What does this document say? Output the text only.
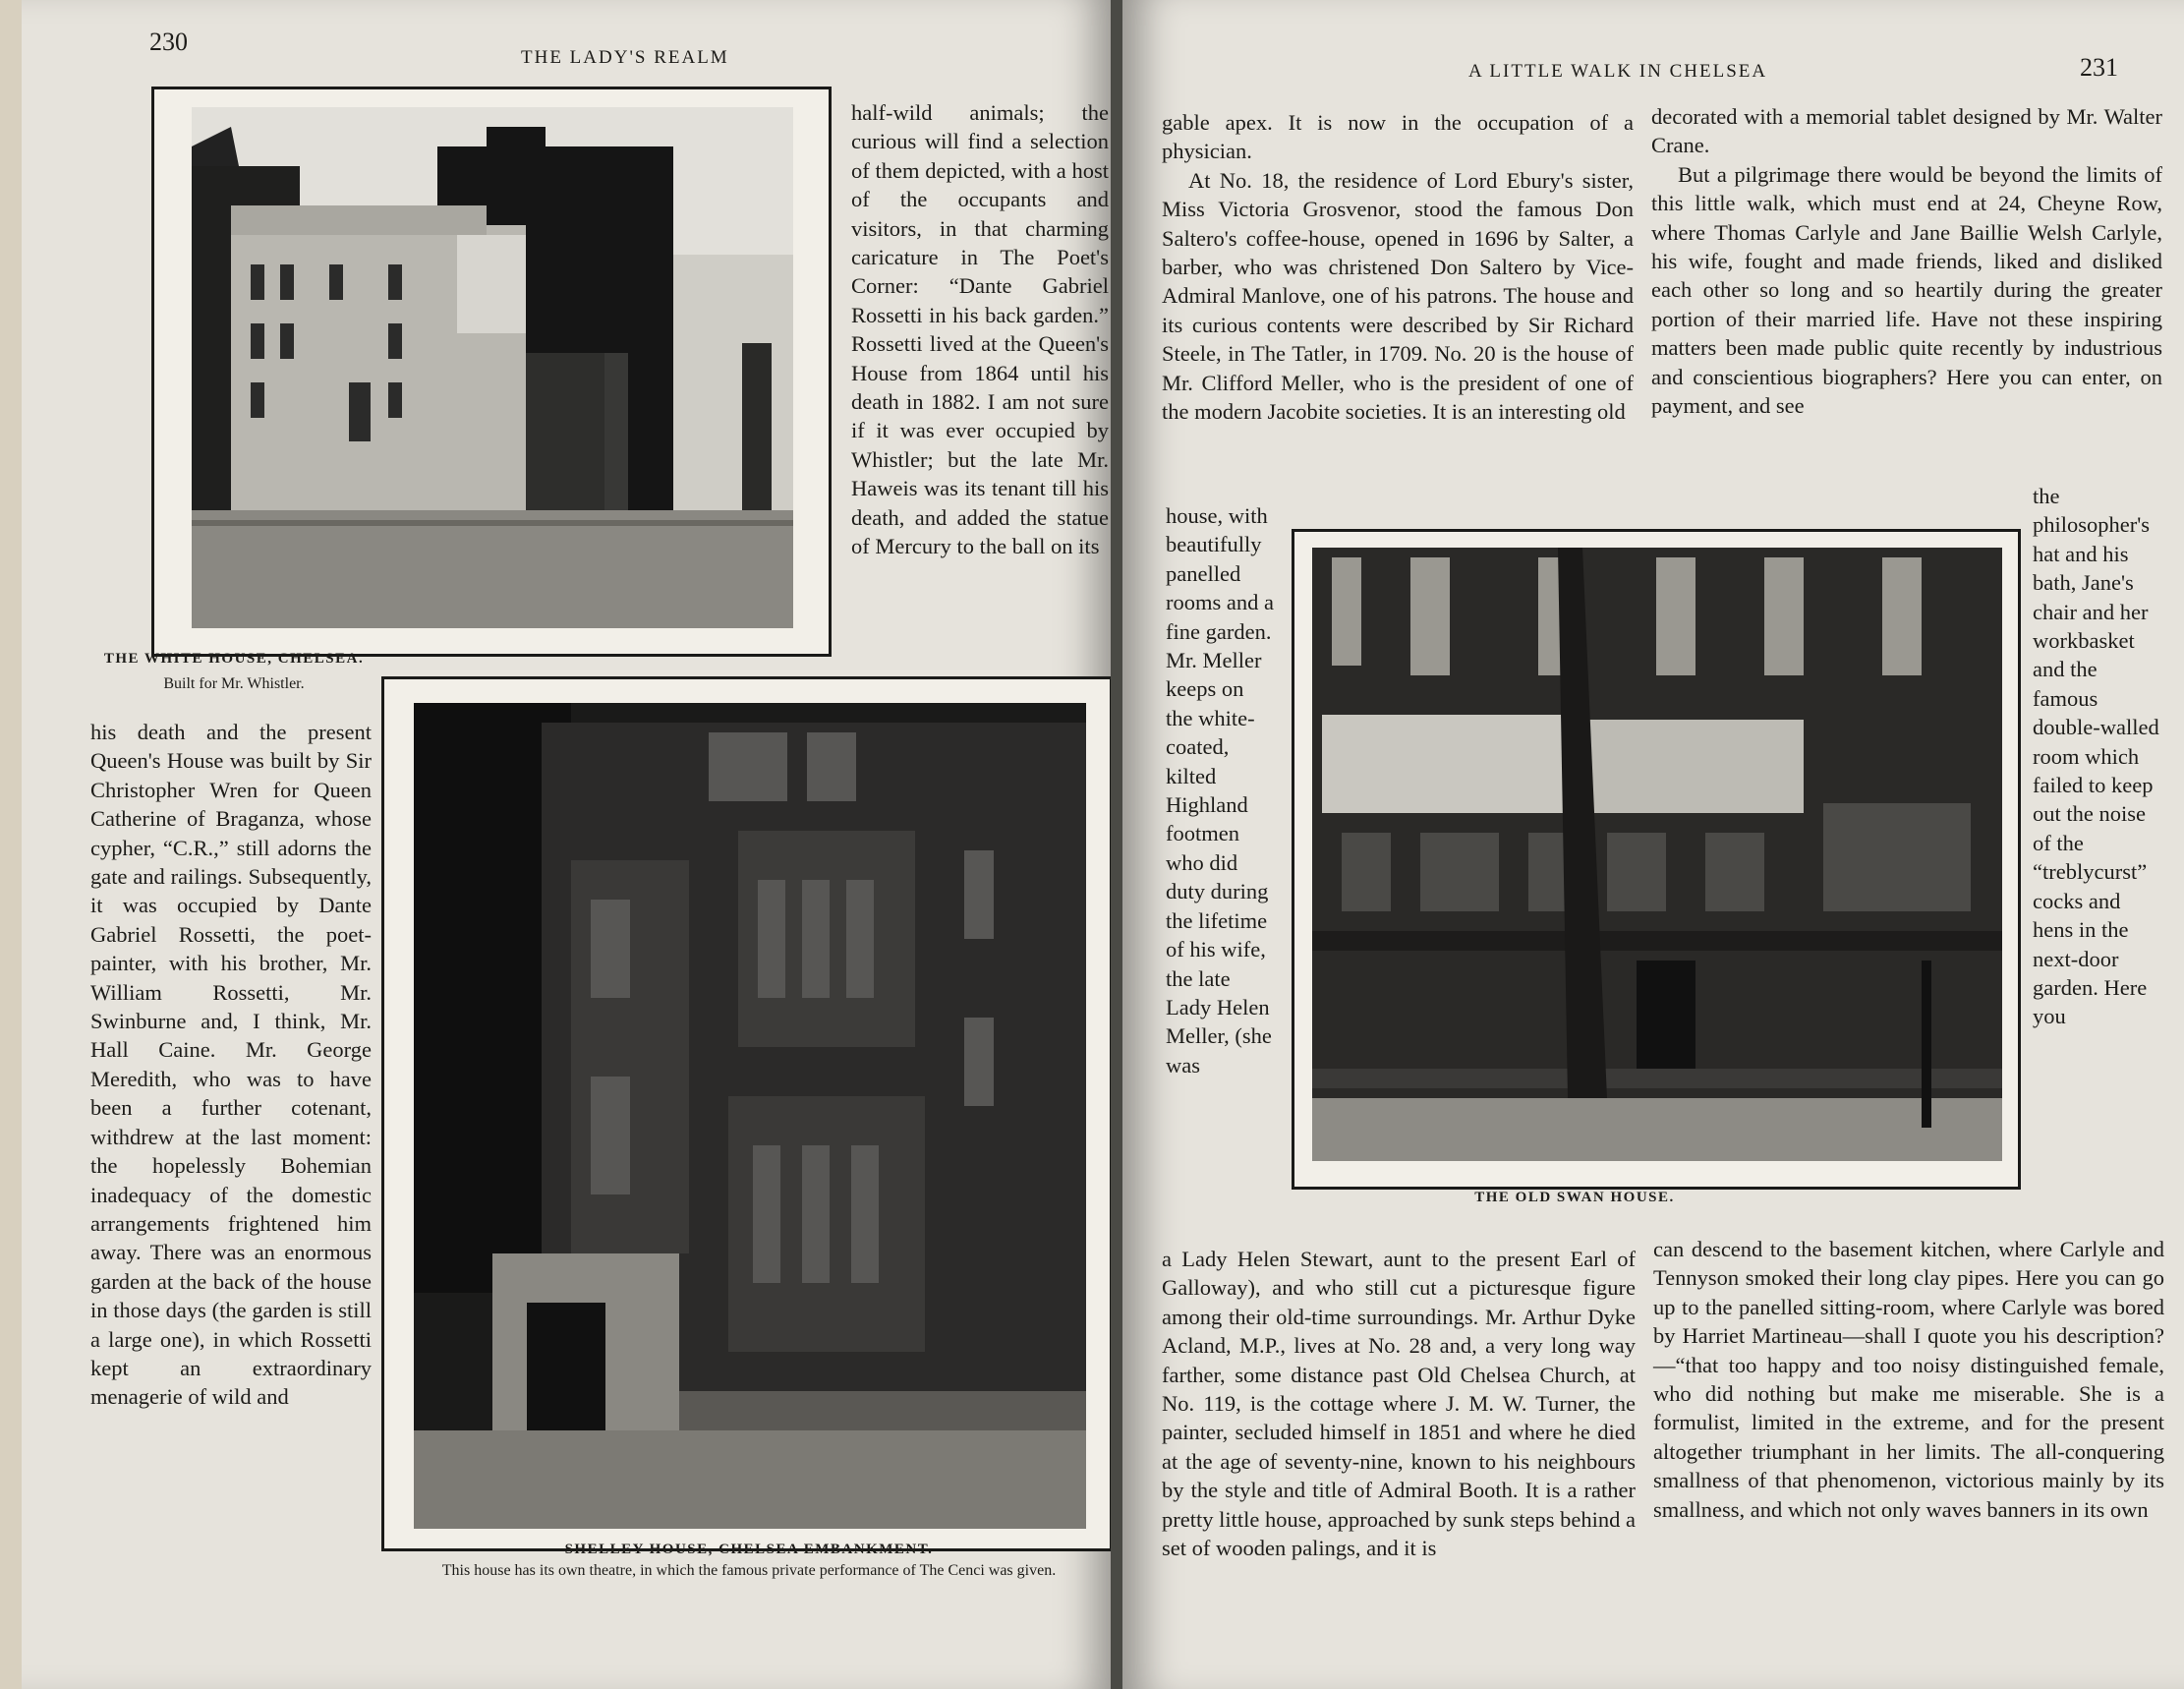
230
THE LADY'S REALM
THE WHITE HOUSE, CHELSEA.
Built for Mr. Whistler.

half-wild animals; the curious will find a selection of them depicted, with a host of the occupants and visitors, in that charming caricature in The Poet's Corner: “Dante Gabriel Rossetti in his back garden.” Rossetti lived at the Queen's House from 1864 until his death in 1882. I am not sure if it was ever occupied by Whistler; but the late Mr. Haweis was its tenant till his death, and added the statue of Mercury to the ball on its

SHELLEY HOUSE, CHELSEA EMBANKMENT.
This house has its own theatre, in which the famous private performance of The Cenci was given.

his death and the present Queen's House was built by Sir Christopher Wren for Queen Catherine of Braganza, whose cypher, “C.R.,” still adorns the gate and railings. Subsequently, it was occupied by Dante Gabriel Rossetti, the poet-painter, with his brother, Mr. William Rossetti, Mr. Swinburne and, I think, Mr. Hall Caine. Mr. George Meredith, who was to have been a further cotenant, withdrew at the last moment: the hopelessly Bohemian inadequacy of the domestic arrangements frightened him away. There was an enormous garden at the back of the house in those days (the garden is still a large one), in which Rossetti kept an extraordinary menagerie of wild and

A LITTLE WALK IN CHELSEA	231

gable apex. It is now in the occupation of a physician.

At No. 18, the residence of Lord Ebury's sister, Miss Victoria Grosvenor, stood the famous Don Saltero's coffee-house, opened in 1696 by Salter, a barber, who was christened Don Saltero by Vice-Admiral Manlove, one of his patrons. The house and its curious contents were described by Sir Richard Steele, in The Tatler, in 1709. No. 20 is the house of Mr. Clifford Meller, who is the president of one of the modern Jacobite societies. It is an interesting old

house, with beautifully panelled rooms and a fine garden. Mr. Meller keeps on the white-coated, kilted Highland footmen who did duty during the lifetime of his wife, the late Lady Helen Meller, (she was

decorated with a memorial tablet designed by Mr. Walter Crane.

But a pilgrimage there would be beyond the limits of this little walk, which must end at 24, Cheyne Row, where Thomas Carlyle and Jane Baillie Welsh Carlyle, his wife, fought and made friends, liked and disliked each other so long and so heartily during the greater portion of their married life. Have not these inspiring matters been made public quite recently by industrious and conscientious biographers? Here you can enter, on payment, and see

the philosopher's hat and his bath, Jane's chair and her workbasket and the famous double-walled room which failed to keep out the noise of the “treblycurst” cocks and hens in the next-door garden. Here you

THE OLD SWAN HOUSE.

a Lady Helen Stewart, aunt to the present Earl of Galloway), and who still cut a picturesque figure among their old-time surroundings. Mr. Arthur Dyke Acland, M.P., lives at No. 28 and, a very long way farther, some distance past Old Chelsea Church, at No. 119, is the cottage where J. M. W. Turner, the painter, secluded himself in 1851 and where he died at the age of seventy-nine, known to his neighbours by the style and title of Admiral Booth. It is a rather pretty little house, approached by sunk steps behind a set of wooden palings, and it is

can descend to the basement kitchen, where Carlyle and Tennyson smoked their long clay pipes. Here you can go up to the panelled sitting-room, where Carlyle was bored by Harriet Martineau—shall I quote you his description?—“that too happy and too noisy distinguished female, who did nothing but make me miserable. She is a formulist, limited in the extreme, and for the present altogether triumphant in her limits. The all-conquering smallness of that phenomenon, victorious mainly by its smallness, and which not only waves banners in its own
